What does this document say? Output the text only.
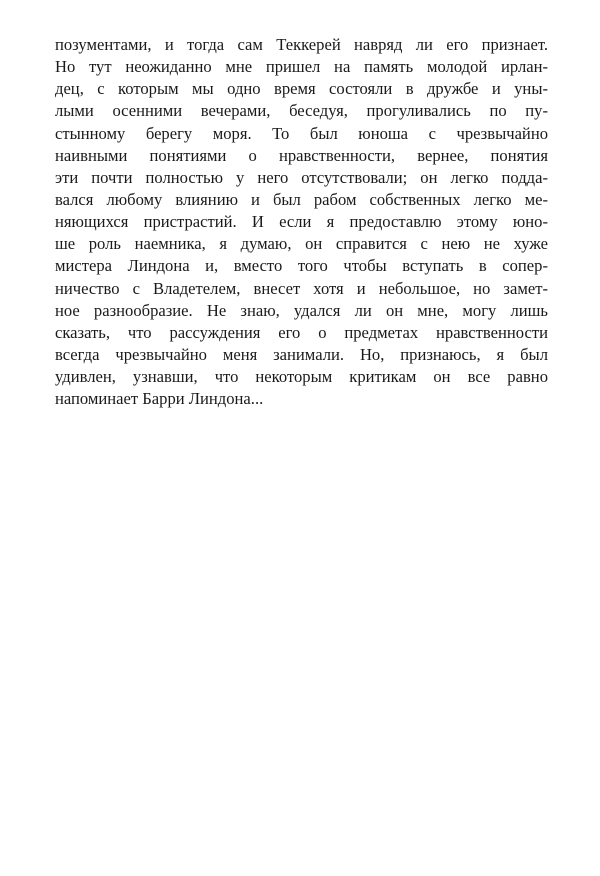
позументами, и тогда сам Теккерей навряд ли его признает.
Но тут неожиданно мне пришел на память молодой ирлан-
дец, с которым мы одно время состояли в дружбе и уны-
лыми осенними вечерами, беседуя, прогуливались по пу-
стынному берегу моря. То был юноша с чрезвычайно
наивными понятиями о нравственности, вернее, понятия
эти почти полностью у него отсутствовали; он легко подда-
вался любому влиянию и был рабом собственных легко ме-
няющихся пристрастий. И если я предоставлю этому юно-
ше роль наемника, я думаю, он справится с нею не хуже
мистера Линдона и, вместо того чтобы вступать в сопер-
ничество с Владетелем, внесет хотя и небольшое, но замет-
ное разнообразие. Не знаю, удался ли он мне, могу лишь
сказать, что рассуждения его о предметах нравственности
всегда чрезвычайно меня занимали. Но, признаюсь, я был
удивлен, узнавши, что некоторым критикам он все равно
напоминает Барри Линдона...
